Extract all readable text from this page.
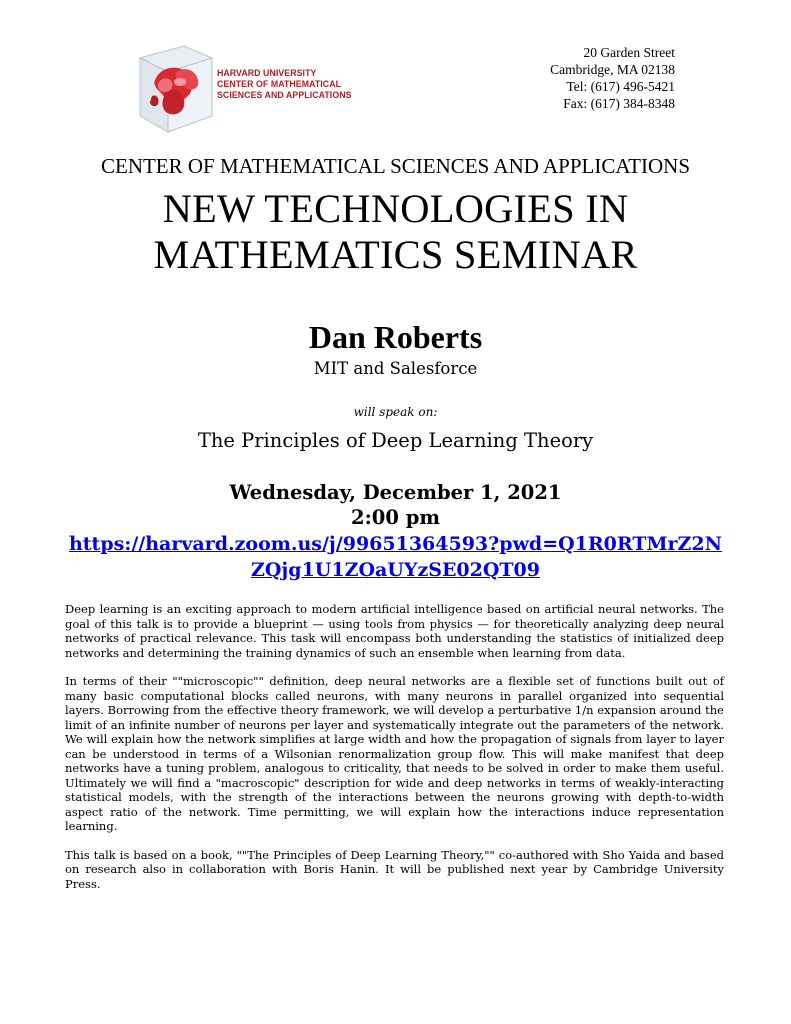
HARVARD UNIVERSITY
CENTER OF MATHEMATICAL
SCIENCES AND APPLICATIONS
20 Garden Street
Cambridge, MA 02138
Tel: (617) 496-5421
Fax: (617) 384-8348
CENTER OF MATHEMATICAL SCIENCES AND APPLICATIONS
NEW TECHNOLOGIES IN
MATHEMATICS SEMINAR
Dan Roberts
MIT and Salesforce
will speak on:
The Principles of Deep Learning Theory
Wednesday, December 1, 2021
2:00 pm
https://harvard.zoom.us/j/99651364593?pwd=Q1R0RTMrZ2N
ZQjg1U1ZOaUYzSE02QT09

Deep learning is an exciting approach to modern artificial intelligence based on artificial neural networks. The goal of this talk is to provide a blueprint — using tools from physics — for theoretically analyzing deep neural networks of practical relevance. This task will encompass both understanding the statistics of initialized deep networks and determining the training dynamics of such an ensemble when learning from data.

In terms of their ""microscopic"" definition, deep neural networks are a flexible set of functions built out of many basic computational blocks called neurons, with many neurons in parallel organized into sequential layers. Borrowing from the effective theory framework, we will develop a perturbative 1/n expansion around the limit of an infinite number of neurons per layer and systematically integrate out the parameters of the network. We will explain how the network simplifies at large width and how the propagation of signals from layer to layer can be understood in terms of a Wilsonian renormalization group flow. This will make manifest that deep networks have a tuning problem, analogous to criticality, that needs to be solved in order to make them useful. Ultimately we will find a "macroscopic" description for wide and deep networks in terms of weakly-interacting statistical models, with the strength of the interactions between the neurons growing with depth-to-width aspect ratio of the network. Time permitting, we will explain how the interactions induce representation learning.

This talk is based on a book, ""The Principles of Deep Learning Theory,"" co-authored with Sho Yaida and based on research also in collaboration with Boris Hanin. It will be published next year by Cambridge University Press.
